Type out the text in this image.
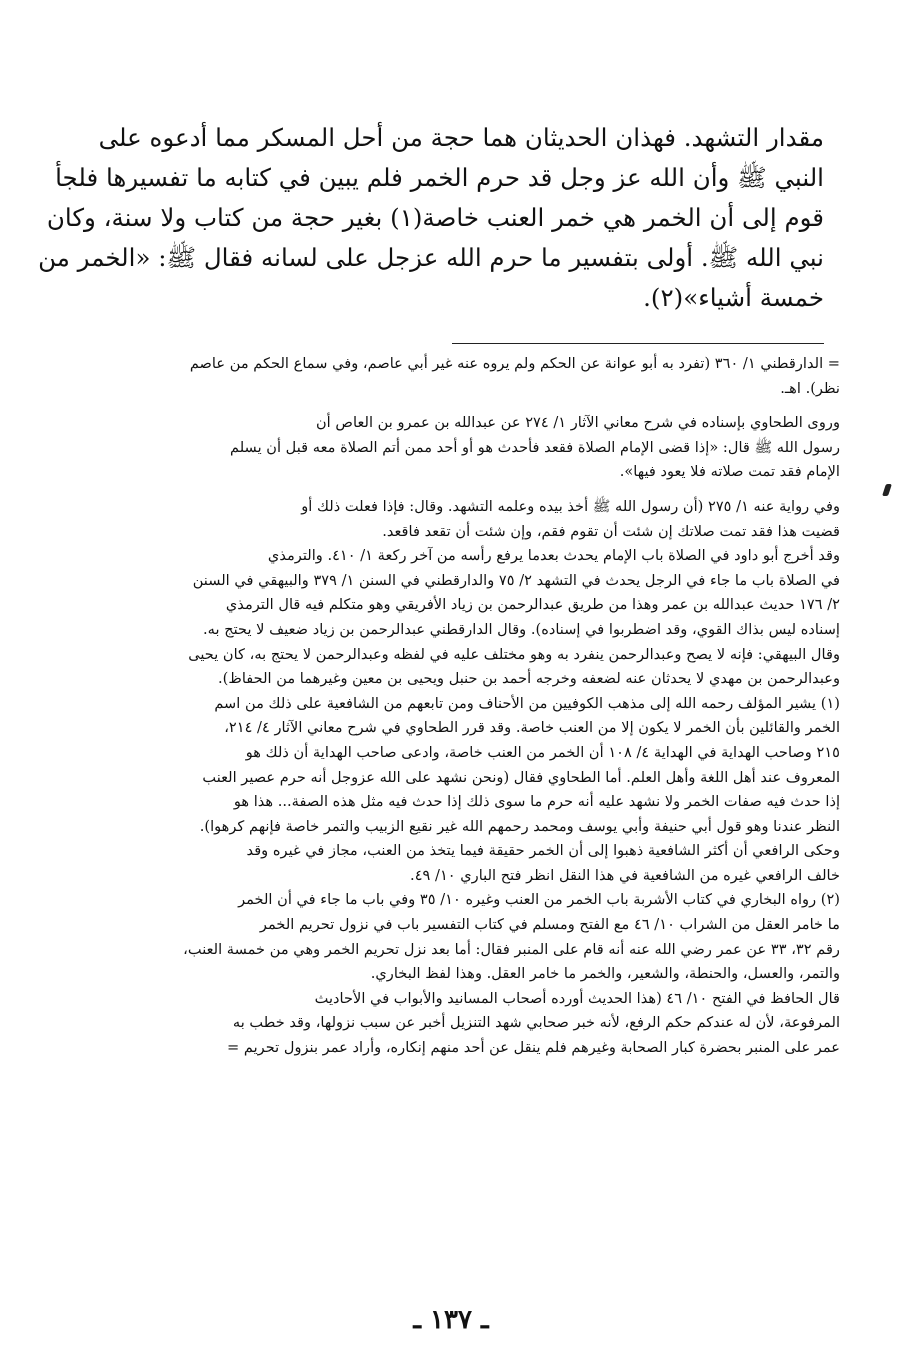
مقدار التشهد. فهذان الحديثان هما حجة من أحل المسكر مما أدعوه على
النبي ﷺ وأن الله عز وجل قد حرم الخمر فلم يبين في كتابه ما تفسيرها فلجأ
قوم إلى أن الخمر هي خمر العنب خاصة(١) بغير حجة من كتاب ولا سنة، وكان
نبي الله ﷺ. أولى بتفسير ما حرم الله عزجل على لسانه فقال ﷺ: «الخمر من
خمسة أشياء»(٢).
= الدارقطني ١/ ٣٦٠ (تفرد به أبو عوانة عن الحكم ولم يروه عنه غير أبي عاصم، وفي سماع الحكم من عاصم
نظر). اهـ.
وروى الطحاوي بإسناده في شرح معاني الآثار ١/ ٢٧٤ عن عبدالله بن عمرو بن العاص أن
رسول الله ﷺ قال: «إذا قضى الإمام الصلاة فقعد فأحدث هو أو أحد ممن أتم الصلاة معه قبل أن يسلم
الإمام فقد تمت صلاته فلا يعود فيها».
وفي رواية عنه ١/ ٢٧٥ (أن رسول الله ﷺ أخذ بيده وعلمه التشهد. وقال: فإذا فعلت ذلك أو
قضيت هذا فقد تمت صلاتك إن شئت أن تقوم فقم، وإن شئت أن تقعد فاقعد.
وقد أخرج أبو داود في الصلاة باب الإمام يحدث بعدما يرفع رأسه من آخر ركعة ١/ ٤١٠. والترمذي
في الصلاة باب ما جاء في الرجل يحدث في التشهد ٢/ ٧٥ والدارقطني في السنن ١/ ٣٧٩ والبيهقي في السنن
٢/ ١٧٦ حديث عبدالله بن عمر وهذا من طريق عبدالرحمن بن زياد الأفريقي وهو متكلم فيه قال الترمذي
إسناده ليس بذاك القوي، وقد اضطربوا في إسناده). وقال الدارقطني عبدالرحمن بن زياد ضعيف لا يحتج به.
وقال البيهقي: فإنه لا يصح وعبدالرحمن ينفرد به وهو مختلف عليه في لفظه وعبدالرحمن لا يحتج به، كان يحيى
وعبدالرحمن بن مهدي لا يحدثان عنه لضعفه وخرجه أحمد بن حنبل ويحيى بن معين وغيرهما من الحفاظ).
(١) يشير المؤلف رحمه الله إلى مذهب الكوفيين من الأحناف ومن تابعهم من الشافعية على ذلك من اسم
الخمر والقائلين بأن الخمر لا يكون إلا من العنب خاصة. وقد قرر الطحاوي في شرح معاني الآثار ٤/ ٢١٤،
٢١٥ وصاحب الهداية في الهداية ٤/ ١٠٨ أن الخمر من العنب خاصة، وادعى صاحب الهداية أن ذلك هو
المعروف عند أهل اللغة وأهل العلم. أما الطحاوي فقال (ونحن نشهد على الله عزوجل أنه حرم عصير العنب
إذا حدث فيه صفات الخمر ولا نشهد عليه أنه حرم ما سوى ذلك إذا حدث فيه مثل هذه الصفة... هذا هو
النظر عندنا وهو قول أبي حنيفة وأبي يوسف ومحمد رحمهم الله غير نقيع الزبيب والتمر خاصة فإنهم كرهوا).
وحكى الرافعي أن أكثر الشافعية ذهبوا إلى أن الخمر حقيقة فيما يتخذ من العنب، مجاز في غيره وقد
خالف الرافعي غيره من الشافعية في هذا النقل انظر فتح الباري ١٠/ ٤٩.
(٢) رواه البخاري في كتاب الأشربة باب الخمر من العنب وغيره ١٠/ ٣٥ وفي باب ما جاء في أن الخمر
ما خامر العقل من الشراب ١٠/ ٤٦ مع الفتح ومسلم في كتاب التفسير باب في نزول تحريم الخمر
رقم ٣٢، ٣٣ عن عمر رضي الله عنه أنه قام على المنبر فقال: أما بعد نزل تحريم الخمر وهي من خمسة العنب،
والتمر، والعسل، والحنطة، والشعير، والخمر ما خامر العقل. وهذا لفظ البخاري.
قال الحافظ في الفتح ١٠/ ٤٦ (هذا الحديث أورده أصحاب المسانيد والأبواب في الأحاديث
المرفوعة، لأن له عندكم حكم الرفع، لأنه خبر صحابي شهد التنزيل أخبر عن سبب نزولها، وقد خطب به
عمر على المنبر بحضرة كبار الصحابة وغيرهم فلم ينقل عن أحد منهم إنكاره، وأراد عمر بنزول تحريم =
ـ ١٣٧ ـ
